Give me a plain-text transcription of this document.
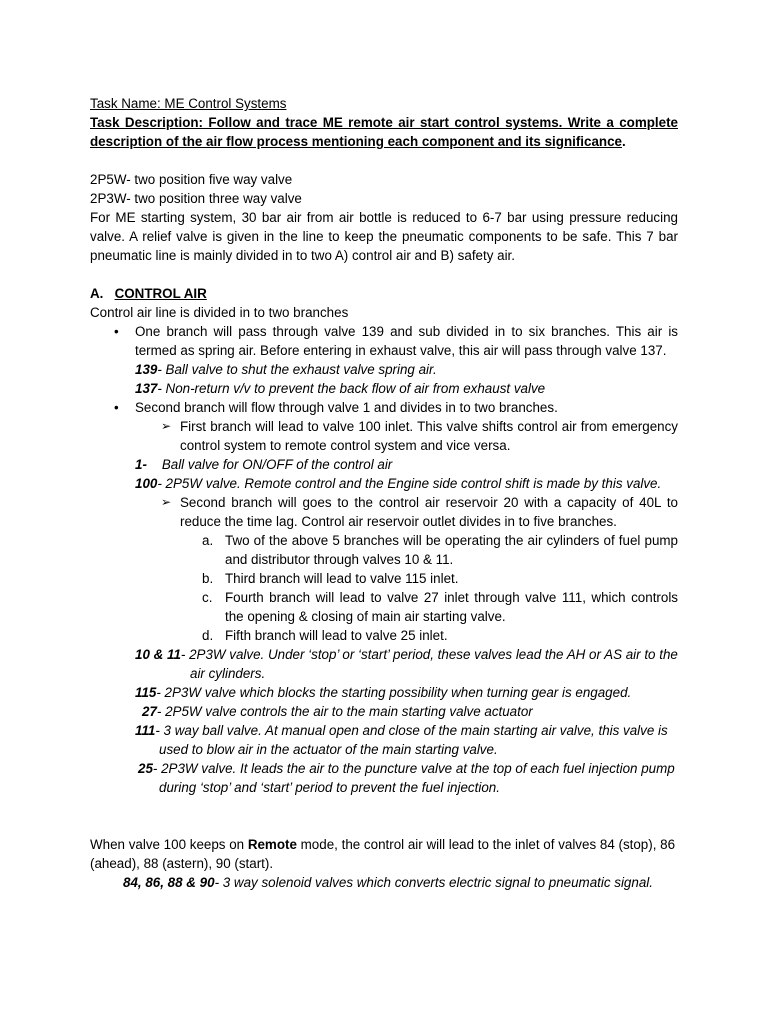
Task Name: ME Control Systems

Task Description: Follow and trace ME remote air start control systems. Write a complete description of the air flow process mentioning each component and its significance.

2P5W- two position five way valve

2P3W- two position three way valve

For ME starting system, 30 bar air from air bottle is reduced to 6-7 bar using pressure reducing valve. A relief valve is given in the line to keep the pneumatic components to be safe. This 7 bar pneumatic line is mainly divided in to two A) control air and B) safety air.

A. CONTROL AIR

Control air line is divided in to two branches

• One branch will pass through valve 139 and sub divided in to six branches. This air is termed as spring air. Before entering in exhaust valve, this air will pass through valve 137.

139- Ball valve to shut the exhaust valve spring air.

137- Non-return v/v to prevent the back flow of air from exhaust valve

• Second branch will flow through valve 1 and divides in to two branches.
➢ First branch will lead to valve 100 inlet. This valve shifts control air from emergency control system to remote control system and vice versa.

1- Ball valve for ON/OFF of the control air

100- 2P5W valve. Remote control and the Engine side control shift is made by this valve.

➢ Second branch will goes to the control air reservoir 20 with a capacity of 40L to reduce the time lag. Control air reservoir outlet divides in to five branches.
a. Two of the above 5 branches will be operating the air cylinders of fuel pump and distributor through valves 10 & 11.
b. Third branch will lead to valve 115 inlet.
c. Fourth branch will lead to valve 27 inlet through valve 111, which controls the opening & closing of main air starting valve.
d. Fifth branch will lead to valve 25 inlet.

10 & 11- 2P3W valve. Under ‘stop’ or ‘start’ period, these valves lead the AH or AS air to the air cylinders.

115- 2P3W valve which blocks the starting possibility when turning gear is engaged.

27- 2P5W valve controls the air to the main starting valve actuator

111- 3 way ball valve. At manual open and close of the main starting air valve, this valve is used to blow air in the actuator of the main starting valve.

25- 2P3W valve. It leads the air to the puncture valve at the top of each fuel injection pump during ‘stop’ and ‘start’ period to prevent the fuel injection.

When valve 100 keeps on Remote mode, the control air will lead to the inlet of valves 84 (stop), 86 (ahead), 88 (astern), 90 (start).

84, 86, 88 & 90- 3 way solenoid valves which converts electric signal to pneumatic signal.
